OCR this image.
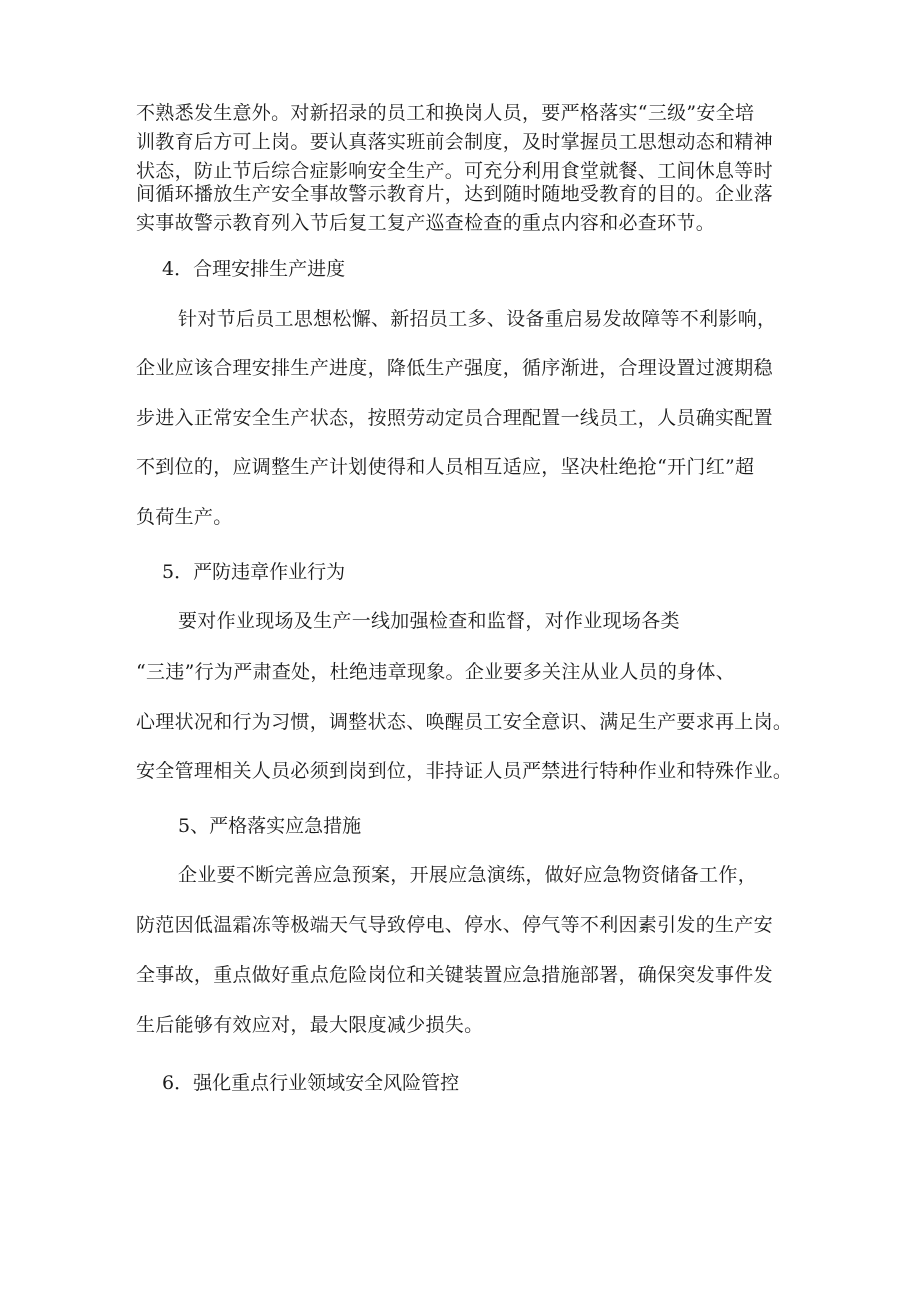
不熟悉发生意外。对新招录的员工和换岗人员，要严格落实“三级”安全培
训教育后方可上岗。要认真落实班前会制度，及时掌握员工思想动态和精神
状态，防止节后综合症影响安全生产。可充分利用食堂就餐、工间休息等时
间循环播放生产安全事故警示教育片，达到随时随地受教育的目的。企业落
实事故警示教育列入节后复工复产巡查检查的重点内容和必查环节。
4．合理安排生产进度
针对节后员工思想松懈、新招员工多、设备重启易发故障等不利影响，
企业应该合理安排生产进度，降低生产强度，循序渐进，合理设置过渡期稳
步进入正常安全生产状态，按照劳动定员合理配置一线员工，人员确实配置
不到位的，应调整生产计划使得和人员相互适应，坚决杜绝抢“开门红”超
负荷生产。
5．严防违章作业行为
要对作业现场及生产一线加强检查和监督，对作业现场各类
“三违”行为严肃查处，杜绝违章现象。企业要多关注从业人员的身体、
心理状况和行为习惯，调整状态、唤醒员工安全意识、满足生产要求再上岗。
安全管理相关人员必须到岗到位，非持证人员严禁进行特种作业和特殊作业。
5、严格落实应急措施
企业要不断完善应急预案，开展应急演练，做好应急物资储备工作，
防范因低温霜冻等极端天气导致停电、停水、停气等不利因素引发的生产安
全事故，重点做好重点危险岗位和关键装置应急措施部署，确保突发事件发
生后能够有效应对，最大限度减少损失。
6．强化重点行业领域安全风险管控
